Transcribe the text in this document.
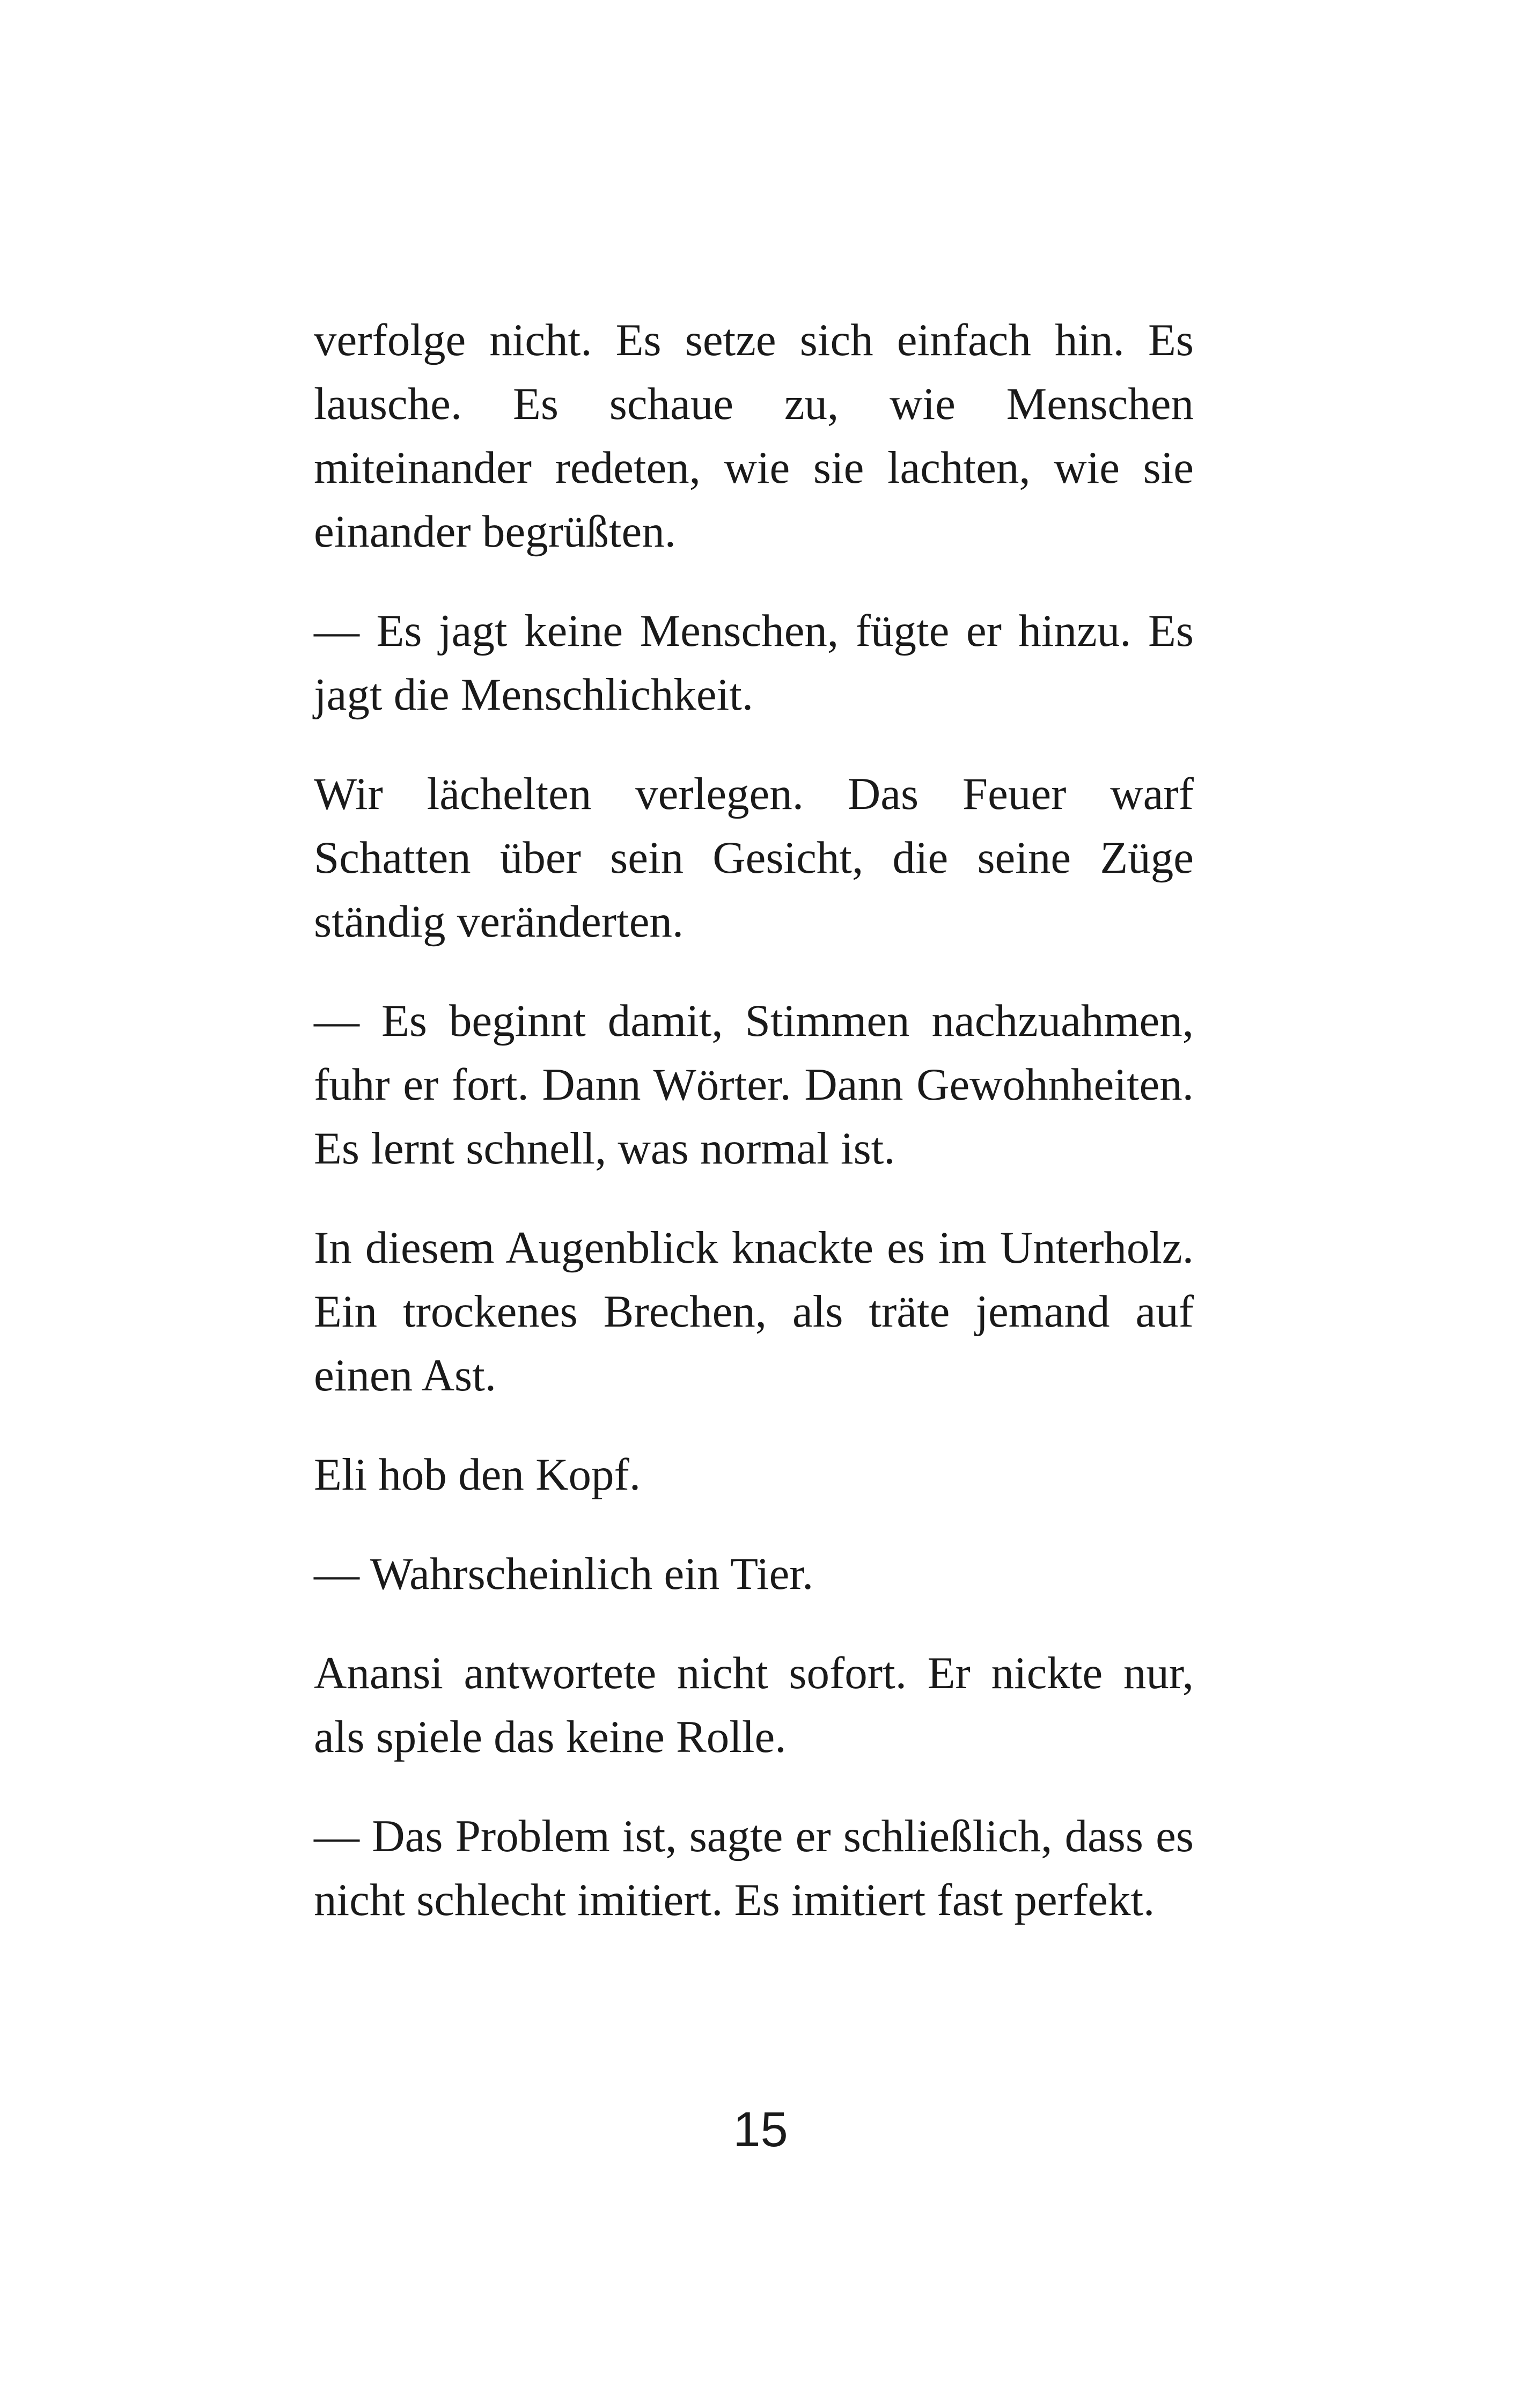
verfolge nicht. Es setze sich einfach hin. Es lausche. Es schaue zu, wie Menschen miteinander redeten, wie sie lachten, wie sie einander begrüßten.

— Es jagt keine Menschen, fügte er hinzu. Es jagt die Menschlichkeit.

Wir lächelten verlegen. Das Feuer warf Schatten über sein Gesicht, die seine Züge ständig veränderten.

— Es beginnt damit, Stimmen nachzuahmen, fuhr er fort. Dann Wörter. Dann Gewohnheiten. Es lernt schnell, was normal ist.

In diesem Augenblick knackte es im Unterholz. Ein trockenes Brechen, als träte jemand auf einen Ast.

Eli hob den Kopf.

— Wahrscheinlich ein Tier.

Anansi antwortete nicht sofort. Er nickte nur, als spiele das keine Rolle.

— Das Problem ist, sagte er schließlich, dass es nicht schlecht imitiert. Es imitiert fast perfekt.

15
